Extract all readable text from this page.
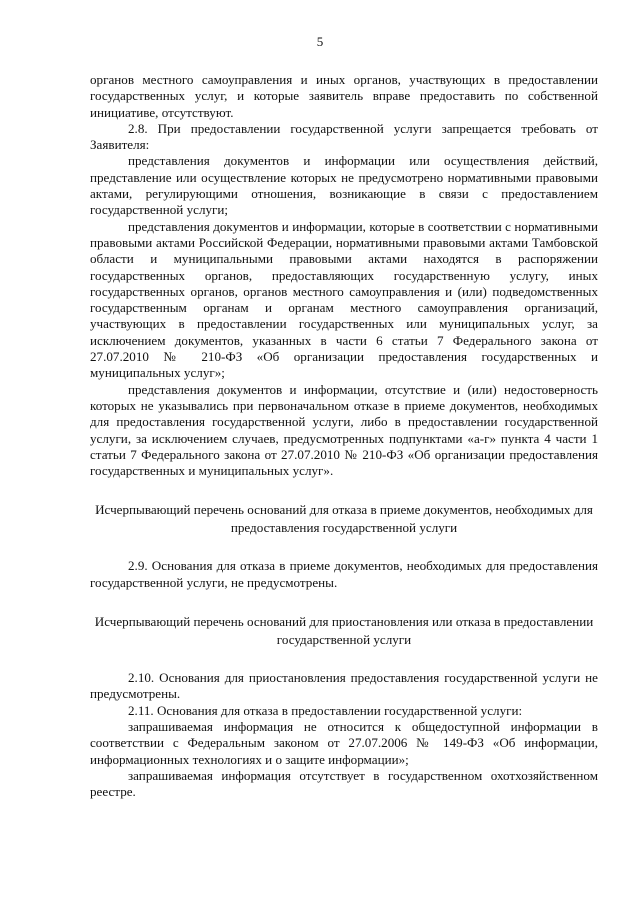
5

органов местного самоуправления и иных органов, участвующих в предоставлении государственных услуг, и которые заявитель вправе предоставить по собственной инициативе, отсутствуют.

2.8. При предоставлении государственной услуги запрещается требовать от Заявителя:

представления документов и информации или осуществления действий, представление или осуществление которых не предусмотрено нормативными правовыми актами, регулирующими отношения, возникающие в связи с предоставлением государственной услуги;

представления документов и информации, которые в соответствии с нормативными правовыми актами Российской Федерации, нормативными правовыми актами Тамбовской области и муниципальными правовыми актами находятся в распоряжении государственных органов, предоставляющих государственную услугу, иных государственных органов, органов местного самоуправления и (или) подведомственных государственным органам и органам местного самоуправления организаций, участвующих в предоставлении государственных или муниципальных услуг, за исключением документов, указанных в части 6 статьи 7 Федерального закона от 27.07.2010 № 210-ФЗ «Об организации предоставления государственных и муниципальных услуг»;

представления документов и информации, отсутствие и (или) недостоверность которых не указывались при первоначальном отказе в приеме документов, необходимых для предоставления государственной услуги, либо в предоставлении государственной услуги, за исключением случаев, предусмотренных подпунктами «а-г» пункта 4 части 1 статьи 7 Федерального закона от 27.07.2010 № 210-ФЗ «Об организации предоставления государственных и муниципальных услуг».

Исчерпывающий перечень оснований для отказа в приеме документов, необходимых для предоставления государственной услуги

2.9. Основания для отказа в приеме документов, необходимых для предоставления государственной услуги, не предусмотрены.

Исчерпывающий перечень оснований для приостановления или отказа в предоставлении государственной услуги

2.10. Основания для приостановления предоставления государственной услуги не предусмотрены.

2.11. Основания для отказа в предоставлении государственной услуги:

запрашиваемая информация не относится к общедоступной информации в соответствии с Федеральным законом от 27.07.2006 № 149-ФЗ «Об информации, информационных технологиях и о защите информации»;

запрашиваемая информация отсутствует в государственном охотхозяйственном реестре.
